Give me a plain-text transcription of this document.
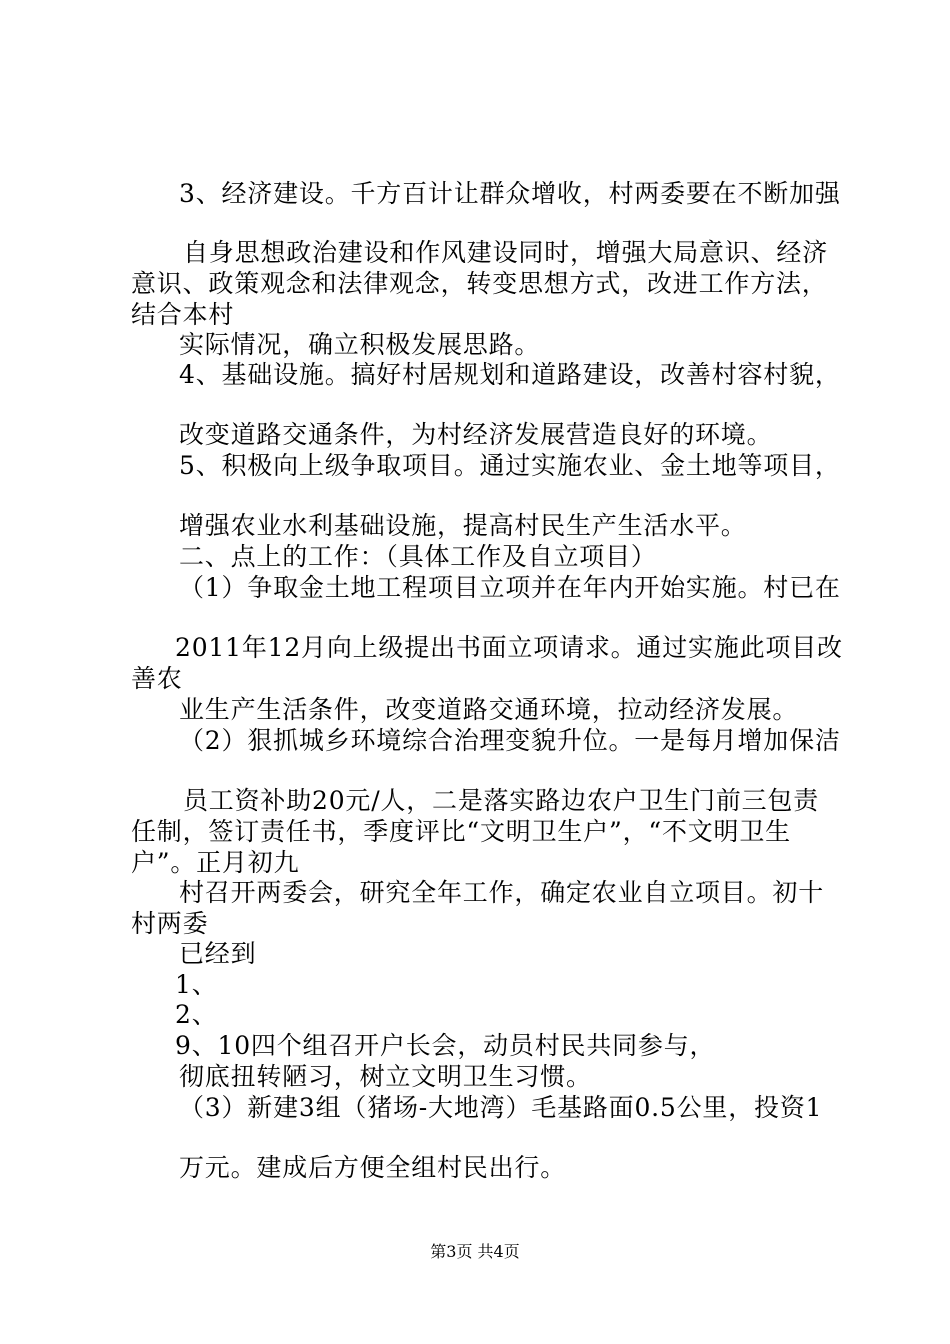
3、经济建设。千方百计让群众增收，村两委要在不断加强
自身思想政治建设和作风建设同时，增强大局意识、经济
意识、政策观念和法律观念，转变思想方式，改进工作方法，
结合本村
实际情况，确立积极发展思路。
4、基础设施。搞好村居规划和道路建设，改善村容村貌，
改变道路交通条件，为村经济发展营造良好的环境。
5、积极向上级争取项目。通过实施农业、金土地等项目，
增强农业水利基础设施，提高村民生产生活水平。
二、点上的工作：（具体工作及自立项目）
（1）争取金土地工程项目立项并在年内开始实施。村已在
2011年12月向上级提出书面立项请求。通过实施此项目改
善农
业生产生活条件，改变道路交通环境，拉动经济发展。
（2）狠抓城乡环境综合治理变貌升位。一是每月增加保洁
员工资补助20元/人，二是落实路边农户卫生门前三包责
任制，签订责任书，季度评比“文明卫生户”，“不文明卫生
户”。正月初九
村召开两委会，研究全年工作，确定农业自立项目。初十
村两委
已经到
1、
2、
9、10四个组召开户长会，动员村民共同参与，
彻底扭转陋习，树立文明卫生习惯。
（3）新建3组（猪场-大地湾）毛基路面0.5公里，投资1
万元。建成后方便全组村民出行。
第3页 共4页
